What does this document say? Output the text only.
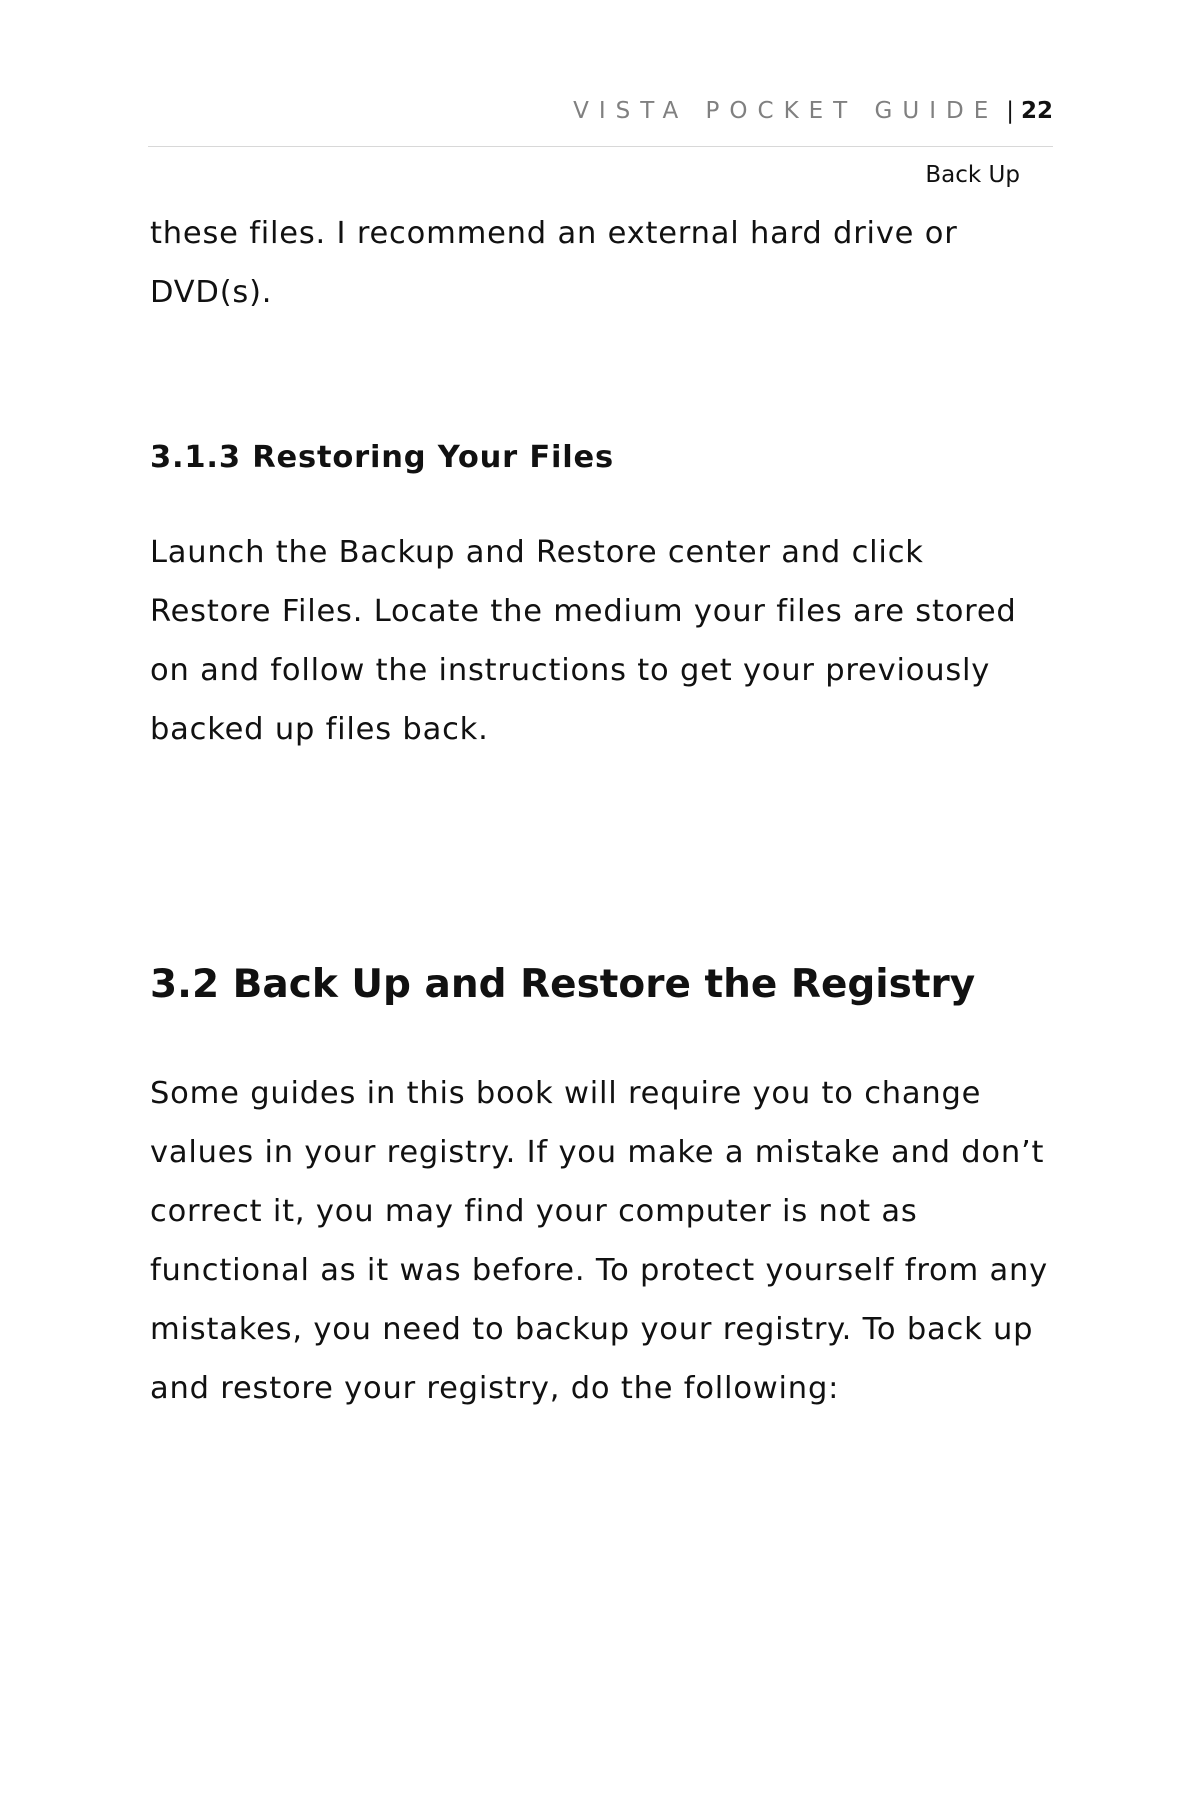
VISTA POCKET GUIDE | 22
Back Up

these files. I recommend an external hard drive or DVD(s).

3.1.3 Restoring Your Files

Launch the Backup and Restore center and click Restore Files. Locate the medium your files are stored on and follow the instructions to get your previously backed up files back.

3.2 Back Up and Restore the Registry

Some guides in this book will require you to change values in your registry. If you make a mistake and don’t correct it, you may find your computer is not as functional as it was before. To protect yourself from any mistakes, you need to backup your registry. To back up and restore your registry, do the following:
